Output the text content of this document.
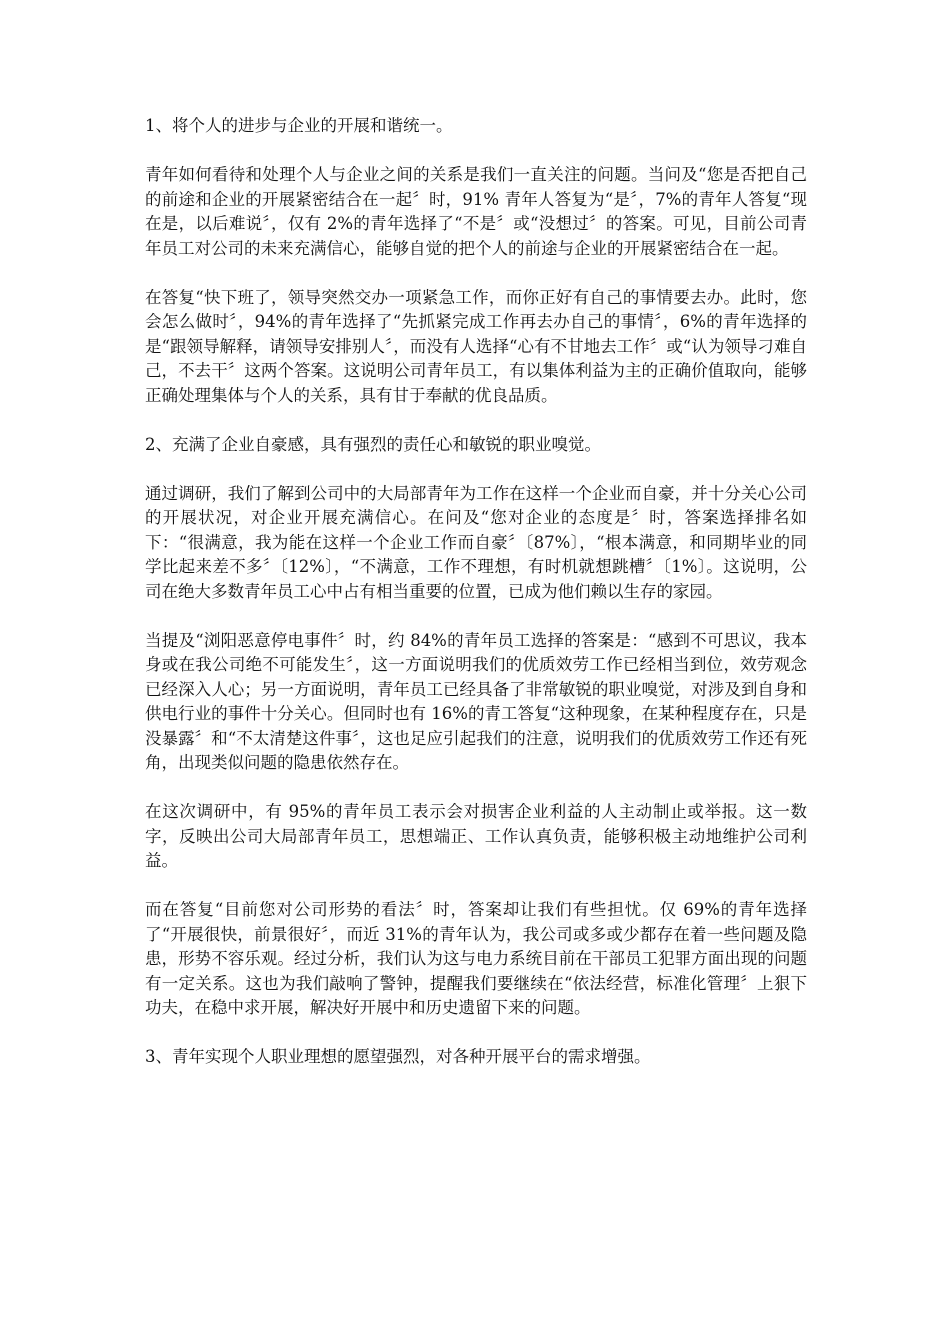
1、将个人的进步与企业的开展和谐统一。

青年如何看待和处理个人与企业之间的关系是我们一直关注的问题。当问及“您是否把自己的前途和企业的开展紧密结合在一起〞时，91% 青年人答复为“是〞，7%的青年人答复“现在是，以后难说〞，仅有 2%的青年选择了“不是〞或“没想过〞的答案。可见，目前公司青年员工对公司的未来充满信心，能够自觉的把个人的前途与企业的开展紧密结合在一起。

在答复“快下班了，领导突然交办一项紧急工作，而你正好有自己的事情要去办。此时，您会怎么做时〞，94%的青年选择了“先抓紧完成工作再去办自己的事情〞，6%的青年选择的是“跟领导解释，请领导安排别人〞，而没有人选择“心有不甘地去工作〞或“认为领导刁难自己，不去干〞这两个答案。这说明公司青年员工，有以集体利益为主的正确价值取向，能够正确处理集体与个人的关系，具有甘于奉献的优良品质。

2、充满了企业自豪感，具有强烈的责任心和敏锐的职业嗅觉。

通过调研，我们了解到公司中的大局部青年为工作在这样一个企业而自豪，并十分关心公司的开展状况，对企业开展充满信心。在问及“您对企业的态度是〞时，答案选择排名如下：“很满意，我为能在这样一个企业工作而自豪〞〔87%〕，“根本满意，和同期毕业的同学比起来差不多〞〔12%〕，“不满意，工作不理想，有时机就想跳槽〞〔1%〕。这说明，公司在绝大多数青年员工心中占有相当重要的位置，已成为他们赖以生存的家园。

当提及“浏阳恶意停电事件〞时，约 84%的青年员工选择的答案是：“感到不可思议，我本身或在我公司绝不可能发生〞，这一方面说明我们的优质效劳工作已经相当到位，效劳观念已经深入人心；另一方面说明，青年员工已经具备了非常敏锐的职业嗅觉，对涉及到自身和供电行业的事件十分关心。但同时也有 16%的青工答复“这种现象，在某种程度存在，只是没暴露〞和“不太清楚这件事〞，这也足应引起我们的注意，说明我们的优质效劳工作还有死角，出现类似问题的隐患依然存在。

在这次调研中，有 95%的青年员工表示会对损害企业利益的人主动制止或举报。这一数字，反映出公司大局部青年员工，思想端正、工作认真负责，能够积极主动地维护公司利益。

而在答复“目前您对公司形势的看法〞时，答案却让我们有些担忧。仅 69%的青年选择了“开展很快，前景很好〞，而近 31%的青年认为，我公司或多或少都存在着一些问题及隐患，形势不容乐观。经过分析，我们认为这与电力系统目前在干部员工犯罪方面出现的问题有一定关系。这也为我们敲响了警钟，提醒我们要继续在“依法经营，标准化管理〞上狠下功夫，在稳中求开展，解决好开展中和历史遗留下来的问题。

3、青年实现个人职业理想的愿望强烈，对各种开展平台的需求增强。
